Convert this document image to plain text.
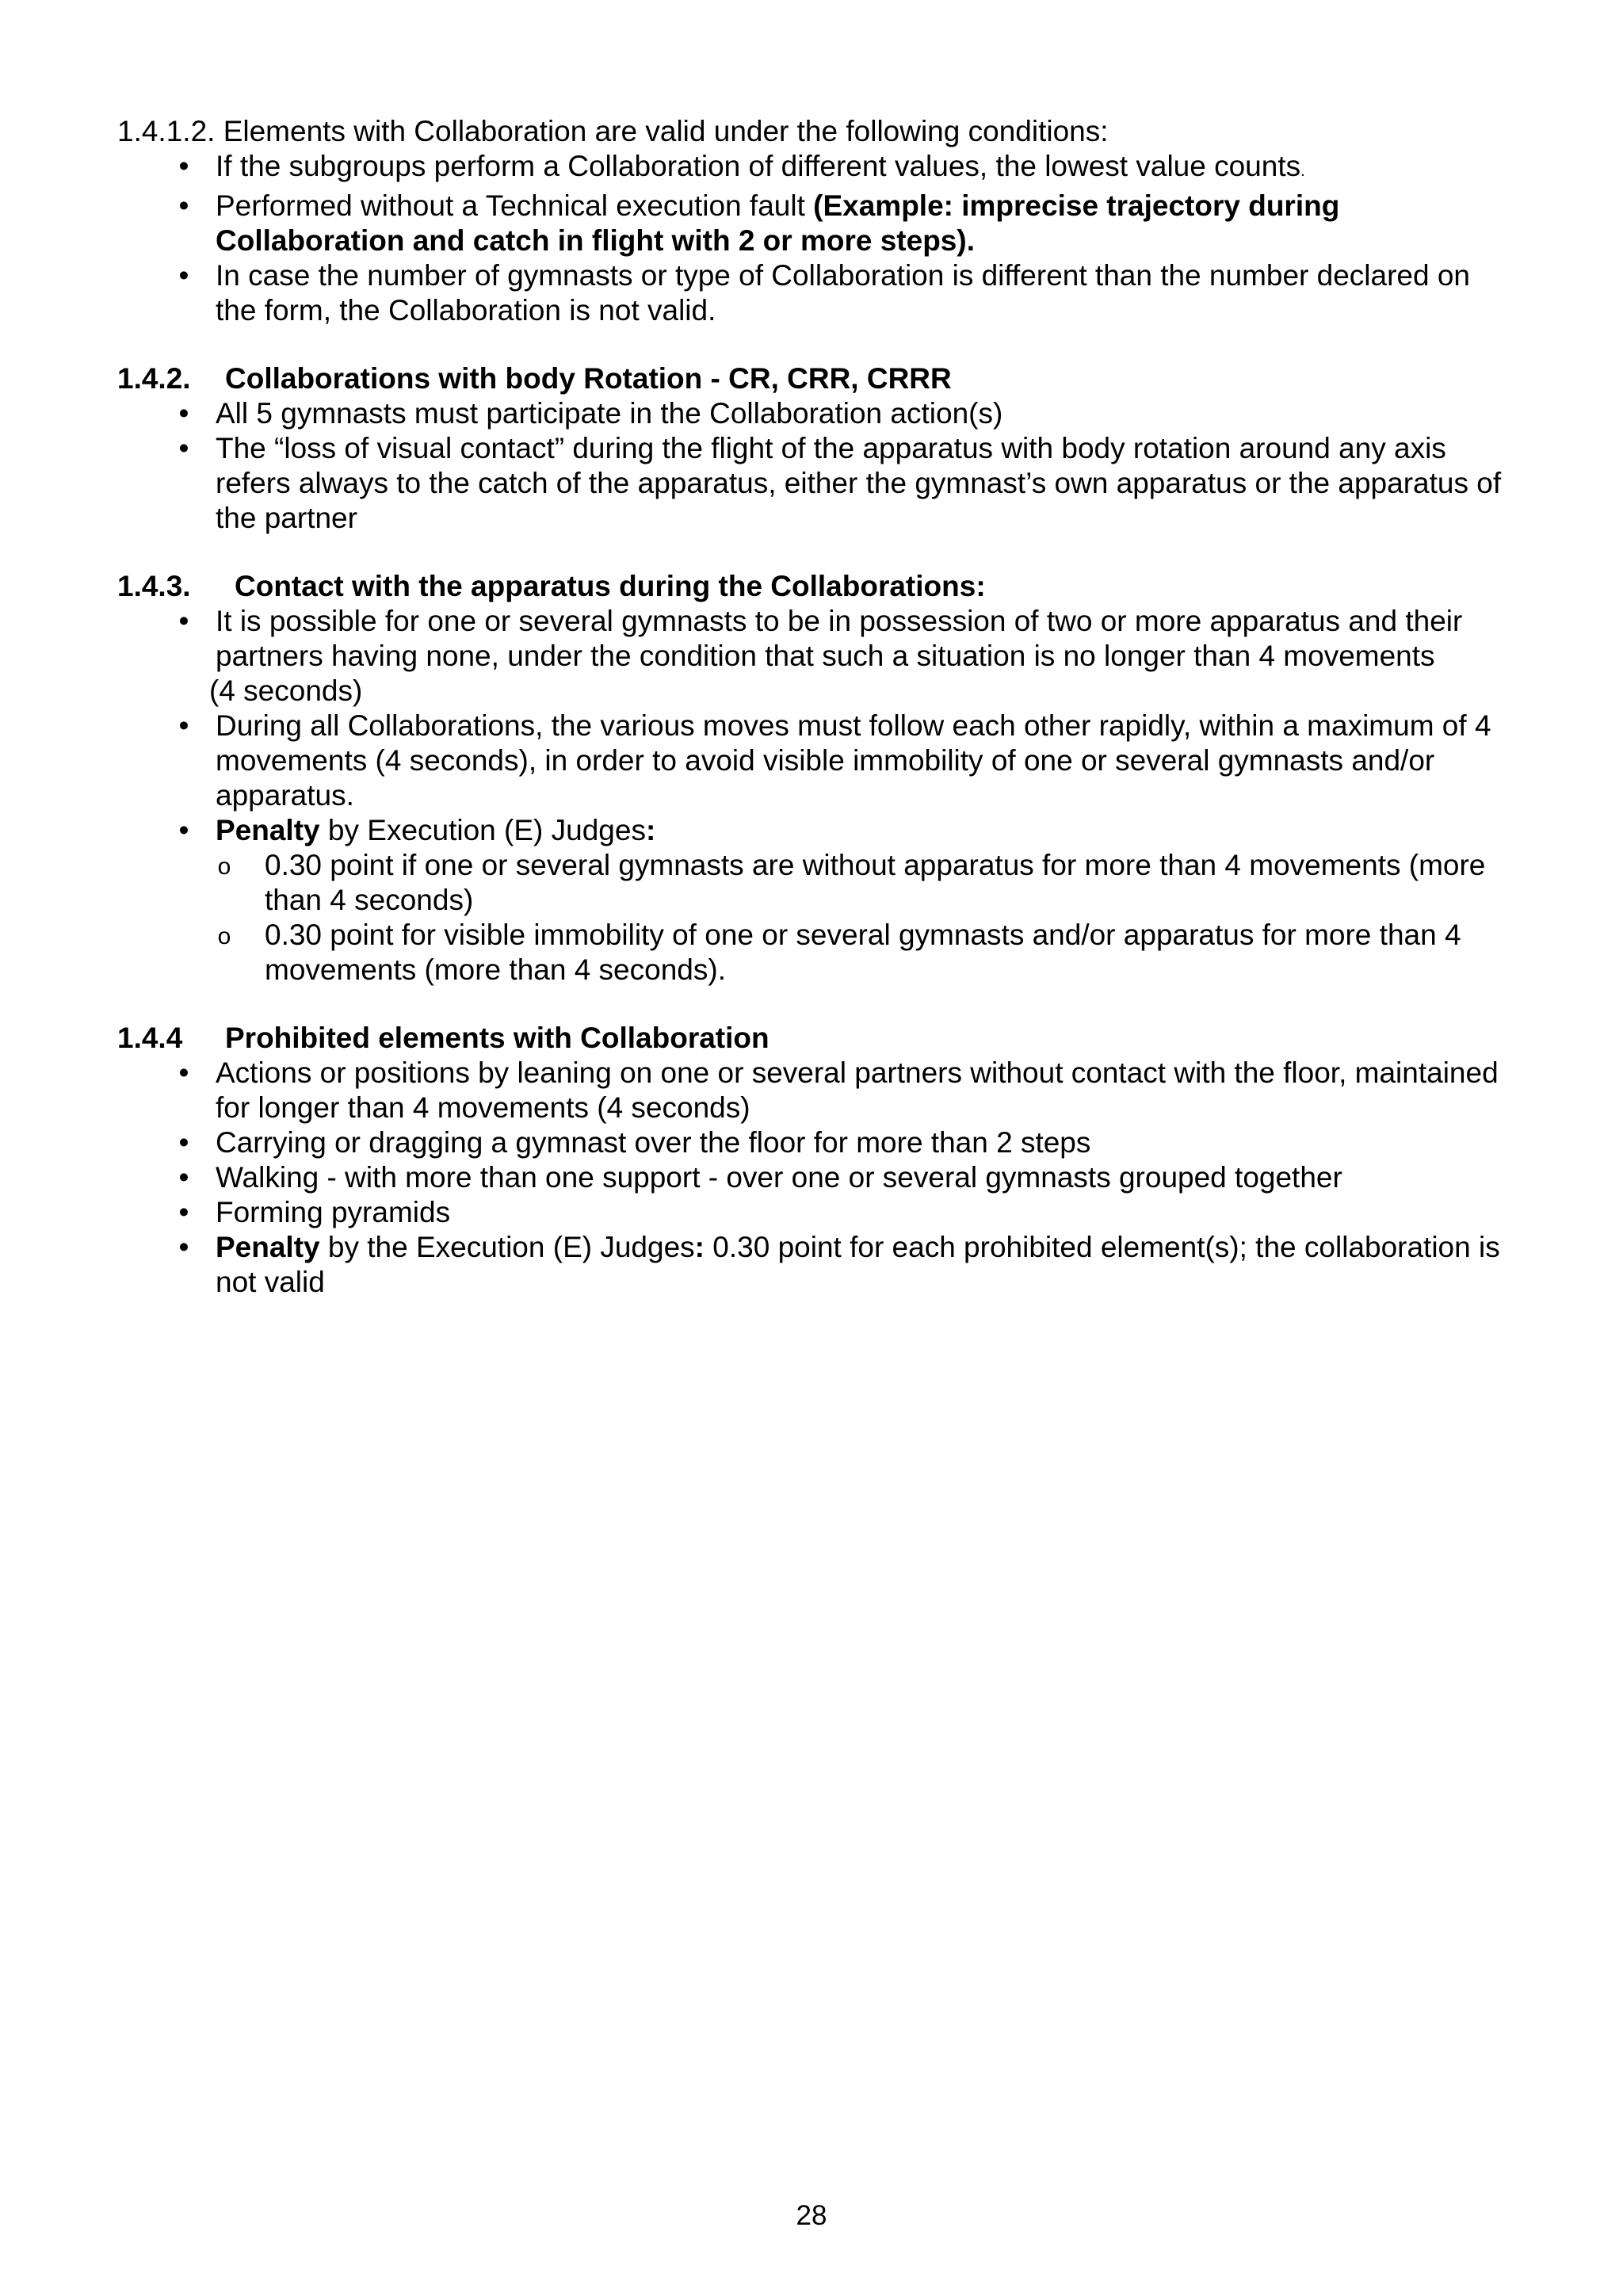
1.4.1.2. Elements with Collaboration are valid under the following conditions:

• If the subgroups perform a Collaboration of different values, the lowest value counts.
• Performed without a Technical execution fault (Example: imprecise trajectory during Collaboration and catch in flight with 2 or more steps).
• In case the number of gymnasts or type of Collaboration is different than the number declared on the form, the Collaboration is not valid.
1.4.2.	Collaborations with body Rotation - CR, CRR, CRRR
• All 5 gymnasts must participate in the Collaboration action(s)
• The “loss of visual contact” during the flight of the apparatus with body rotation around any axis refers always to the catch of the apparatus, either the gymnast’s own apparatus or the apparatus of the partner
1.4.3.	Contact with the apparatus during the Collaborations:
• It is possible for one or several gymnasts to be in possession of two or more apparatus and their partners having none, under the condition that such a situation is no longer than 4 movements
(4 seconds)
• During all Collaborations, the various moves must follow each other rapidly, within a maximum of 4 movements (4 seconds), in order to avoid visible immobility of one or several gymnasts and/or apparatus.
• Penalty by Execution (E) Judges:
o 0.30 point if one or several gymnasts are without apparatus for more than 4 movements (more than 4 seconds)
o 0.30 point for visible immobility of one or several gymnasts and/or apparatus for more than 4 movements (more than 4 seconds).
1.4.4	Prohibited elements with Collaboration
• Actions or positions by leaning on one or several partners without contact with the floor, maintained for longer than 4 movements (4 seconds)
• Carrying or dragging a gymnast over the floor for more than 2 steps
• Walking - with more than one support - over one or several gymnasts grouped together
• Forming pyramids
• Penalty by the Execution (E) Judges: 0.30 point for each prohibited element(s); the collaboration is not valid
28
